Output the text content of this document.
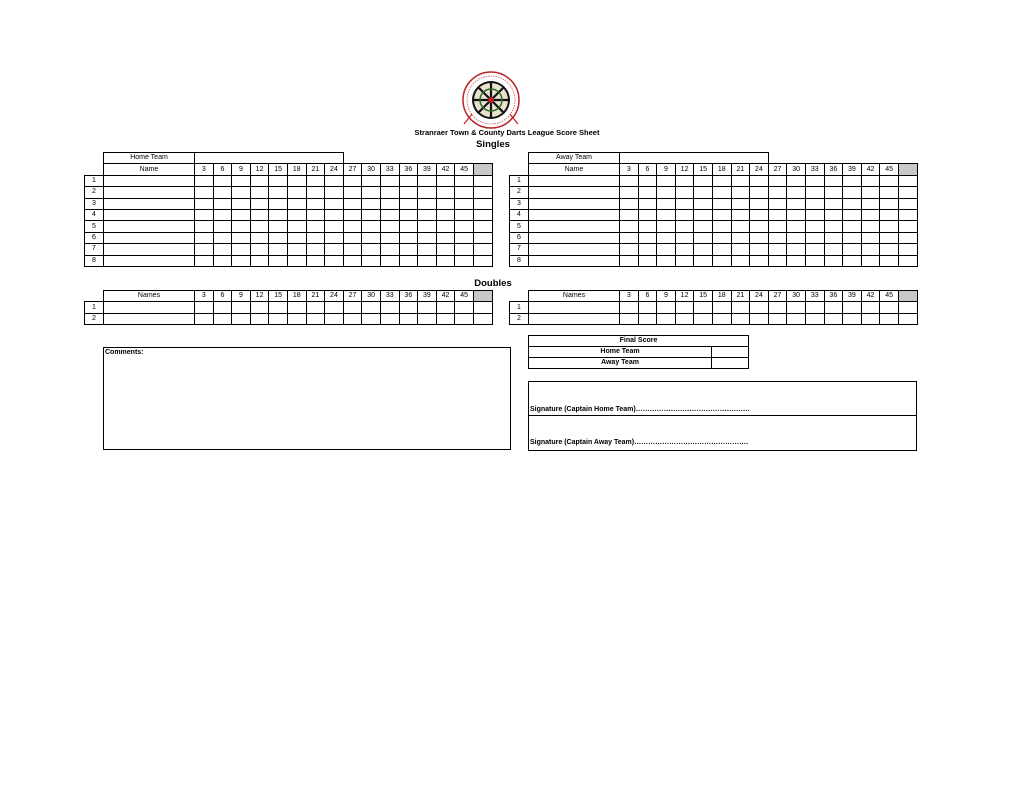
Stranraer Town & County Darts League Score Sheet
Singles
Doubles
	Home Team																
	Name	3	6	9	12	15	18	21	24	27	30	33	36	39	42	45	
1																	
2																	
3																	
4																	
5																	
6																	
7																	
8																	
	Away Team																
	Name	3	6	9	12	15	18	21	24	27	30	33	36	39	42	45	
1																	
2																	
3																	
4																	
5																	
6																	
7																	
8																	
	Names	3	6	9	12	15	18	21	24	27	30	33	36	39	42	45	
1																	
2																	
	Names	3	6	9	12	15	18	21	24	27	30	33	36	39	42	45	
1																	
2																	
Comments:
Final Score	
Home Team	
Away Team	
Signature (Captain Home Team)………………………………………….
Signature (Captain Away Team)………………………………………….
